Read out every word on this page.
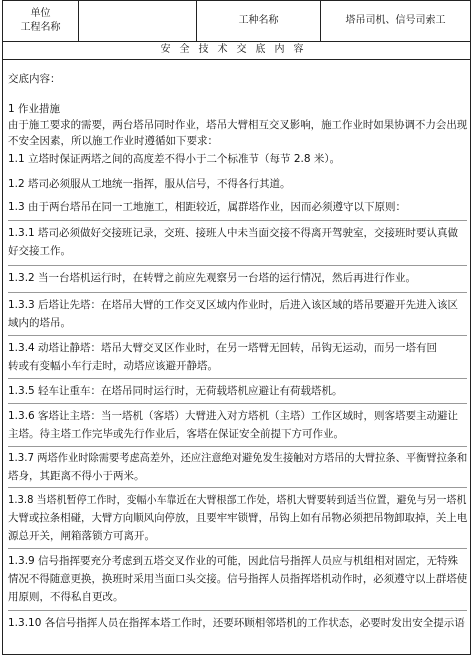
单位
工程名称
工种名称	塔吊司机、信号司索工
安全技术交底内容
交底内容：
1 作业措施
由于施工要求的需要，两台塔吊同时作业，塔吊大臂相互交叉影响，施工作业时如果协调不力会出现
不安全因素，所以施工作业时遵循如下要求：
1.1 立塔时保证两塔之间的高度差不得小于二个标准节（每节 2.8 米）。
1.2 塔司必须服从工地统一指挥，服从信号，不得各行其道。
1.3 由于两台塔吊在同一工地施工，相距较近，属群塔作业，因而必须遵守以下原则：
1.3.1 塔司必须做好交接班记录，交班、接班人中未当面交接不得离开驾驶室，交接班时要认真做
好交接工作。
1.3.2 当一台塔机运行时，在转臂之前应先观察另一台塔的运行情况，然后再进行作业。
1.3.3 后塔让先塔：在塔吊大臂的工作交叉区域内作业时，后进入该区域的塔吊要避开先进入该区
域内的塔吊。
1.3.4 动塔让静塔：塔吊大臂交叉区作业时，在另一塔臂无回转，吊钩无运动，而另一塔有回
转或有变幅小车行走时，动塔应该避开静塔。
1.3.5 轻车让重车：在塔吊同时运行时，无荷载塔机应避让有荷载塔机。
1.3.6 客塔让主塔：当一塔机（客塔）大臂进入对方塔机（主塔）工作区域时，则客塔要主动避让
主塔。待主塔工作完毕或先行作业后，客塔在保证安全前提下方可作业。
1.3.7 两塔作业时除需要考虑高差外，还应注意绝对避免发生接触对方塔吊的大臂拉条、平衡臂拉条和
塔身，其距离不得小于两米。
1.3.8 当塔机暂停工作时，变幅小车靠近在大臂根部工作处，塔机大臂要转到适当位置，避免与另一塔机
大臂或拉条相碰，大臂方向顺风向停放，且要牢牢锁臂，吊钩上如有吊物必须把吊物卸取掉，关上电
源总开关，闸箱落锁方可离开。
1.3.9 信号指挥要充分考虑到五塔交叉作业的可能，因此信号指挥人员应与机组相对固定，无特殊
情况不得随意更换，换班时采用当面口头交接。信号指挥人员指挥塔机动作时，必须遵守以上群塔使
用原则，不得私自更改。
1.3.10 各信号指挥人员在指挥本塔工作时，还要环顾相邻塔机的工作状态，必要时发出安全提示语
